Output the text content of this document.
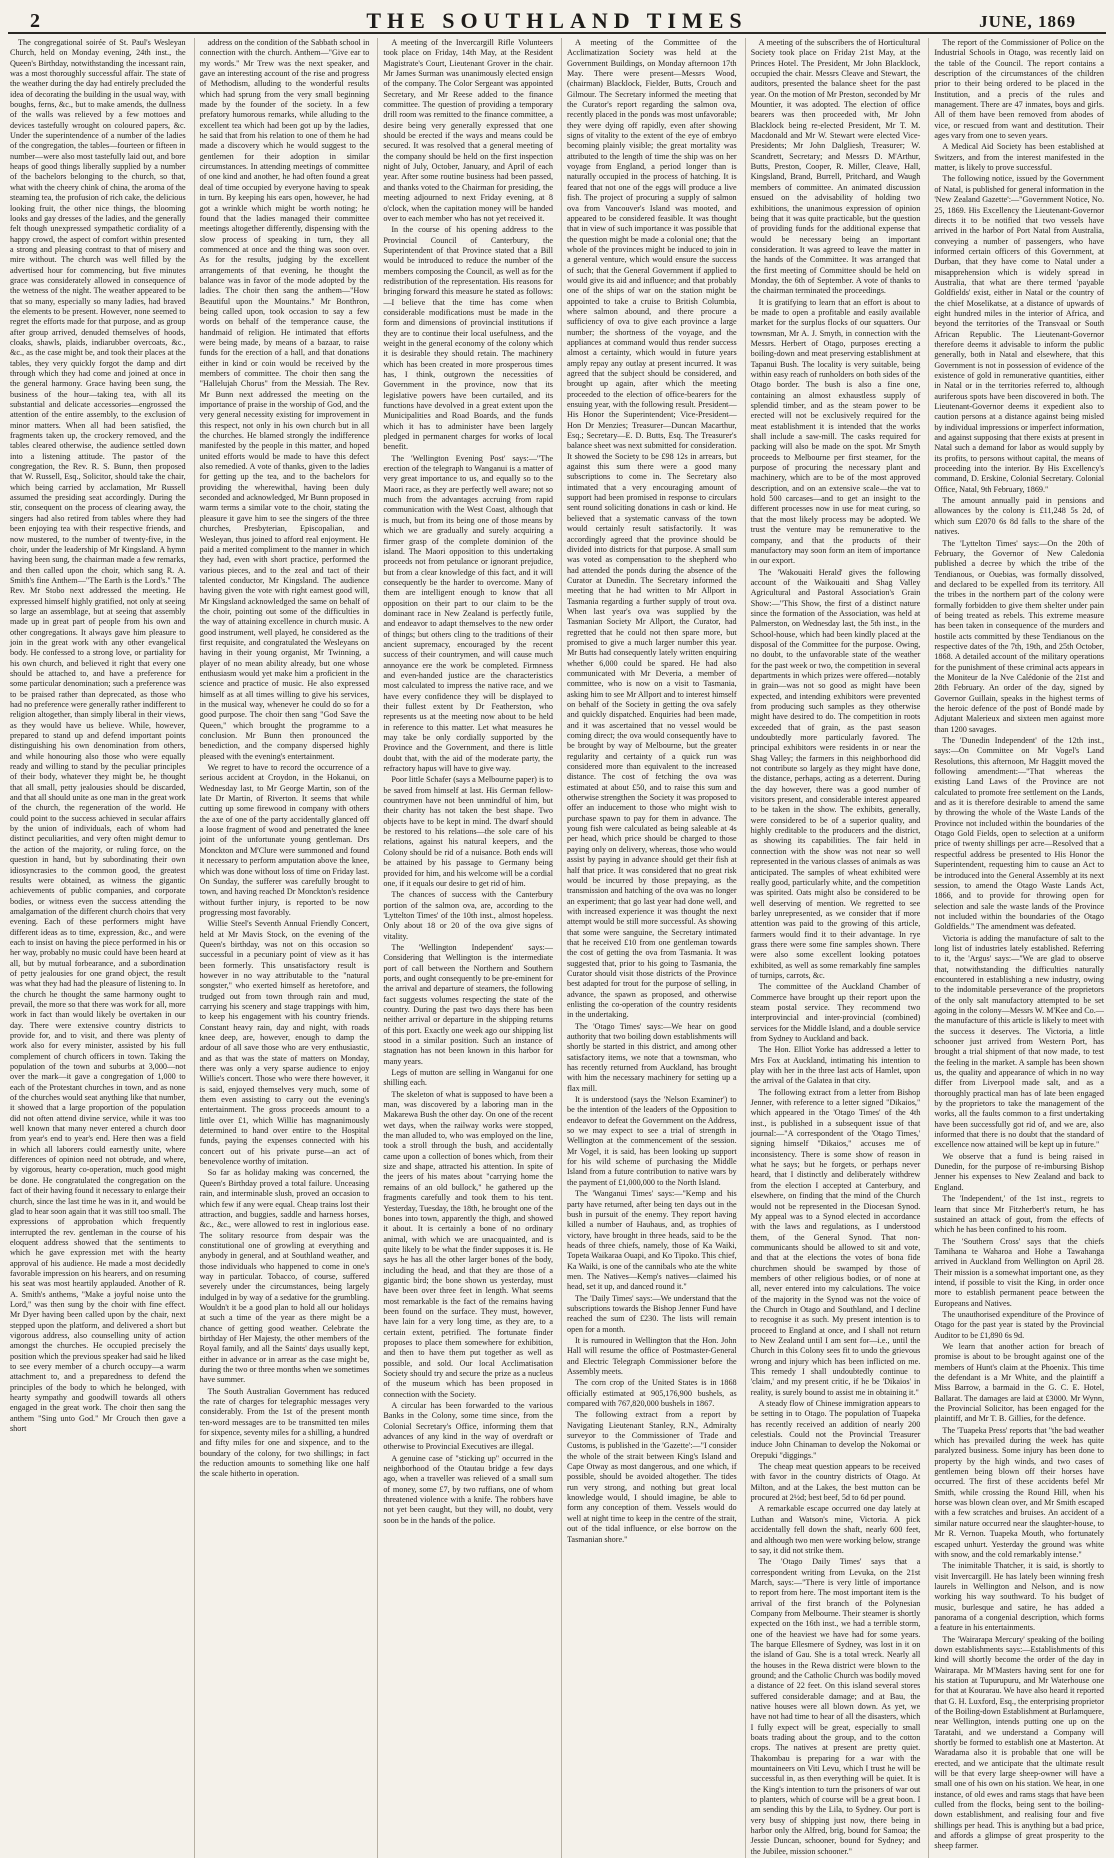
2	THE SOUTHLAND TIMES	JUNE, 1869

The congregational soirée of St. Paul's Wesleyan Church, held on Monday evening, 24th inst., the Queen's Birthday, notwithstanding the incessant rain, was a most thoroughly successful affair. The state of the weather during the day had entirely precluded the idea of decorating the building in the usual way, with boughs, ferns, &c., but to make amends, the dullness of the walls was relieved by a few mottoes and devices tastefully wrought on coloured papers, &c. Under the superintendence of a number of the ladies of the congregation, the tables—fourteen or fifteen in number—were also most tastefully laid out, and bore heaps of good things liberally supplied by a number of the bachelors belonging to the church, so that, what with the cheery chink of china, the aroma of the steaming tea, the profusion of rich cake, the delicious looking fruit, the other nice things, the blooming looks and gay dresses of the ladies, and the generally felt though unexpressed sympathetic cordiality of a happy crowd, the aspect of comfort within presented a strong and pleasing contrast to that of misery and mire without. The church was well filled by the advertised hour for commencing, but five minutes grace was considerately allowed in consequence of the wetness of the night. The weather appeared to be that so many, especially so many ladies, had braved the elements to be present. However, none seemed to regret the efforts made for that purpose, and as group after group arrived, denuded themselves of hoods, cloaks, shawls, plaids, indiarubber overcoats, &c., &c., as the case might be, and took their places at the tables, they very quickly forgot the damp and dirt through which they had come and joined at once in the general harmony. Grace having been sung, the business of the hour—taking tea, with all its substantial and delicate accessories—engrossed the attention of the entire assembly, to the exclusion of minor matters. When all had been satisfied, the fragments taken up, the crockery removed, and the tables cleared otherwise, the audience settled down into a listening attitude. The pastor of the congregation, the Rev. R. S. Bunn, then proposed that W. Russell, Esq., Solicitor, should take the chair, which being carried by acclamation, Mr Russell assumed the presiding seat accordingly. During the stir, consequent on the process of clearing away, the singers had also retired from tables where they had been enjoying tea with their respective friends, and now mustered, to the number of twenty-five, in the choir, under the leadership of Mr Kingsland. A hymn having been sung, the chairman made a few remarks, and then called upon the choir, which sang R. A. Smith's fine Anthem—"The Earth is the Lord's." The Rev. Mr Stobo next addressed the meeting. He expressed himself highly gratified, not only at seeing so large an assemblage, but at seeing that assembly made up in great part of people from his own and other congregations. It always gave him pleasure to join in the great work with any other evangelical body. He confessed to a strong love, or partiality for his own church, and believed it right that every one should be attached to, and have a preference for some particular denomination; such a preference was to be praised rather than deprecated, as those who had no preference were generally rather indifferent to religion altogether, than simply liberal in their views, as they would have us believe. While, however, prepared to stand up and defend important points distinguishing his own denomination from others, and while honouring also those who were equally ready and willing to stand by the peculiar principles of their body, whatever they might be, he thought that all small, petty jealousies should be discarded, and that all should unite as one man in the great work of the church, the regeneration of the world. He could point to the success achieved in secular affairs by the union of individuals, each of whom had distinct peculiarities, and very often might demur to the action of the majority, or ruling force, on the question in hand, but by subordinating their own idiosyncrasies to the common good, the greatest results were obtained, as witness the gigantic achievements of public companies, and corporate bodies, or witness even the success attending the amalgamation of the different church choirs that very evening. Each of these performers might have different ideas as to time, expression, &c., and were each to insist on having the piece performed in his or her way, probably no music could have been heard at all, but by mutual forbearance, and a subordination of petty jealousies for one grand object, the result was what they had had the pleasure of listening to. In the church he thought the same harmony ought to prevail, the more so that there was work for all, more work in fact than would likely be overtaken in our day. There were extensive country districts to provide for, and to visit, and there was plenty of work also for every minister, assisted by his full complement of church officers in town. Taking the population of the town and suburbs at 3,000—not over the mark—it gave a congregation of 1,000 to each of the Protestant churches in town, and as none of the churches would seat anything like that number, it showed that a large proportion of the population did not often attend divine service, while it was too well known that many never entered a church door from year's end to year's end. Here then was a field in which all laborers could earnestly unite, where differences of opinion need not obtrude, and where, by vigorous, hearty co-operation, much good might be done. He congratulated the congregation on the fact of their having found it necessary to enlarge their church, since the last time he was in it, and would be glad to hear soon again that it was still too small. The expressions of approbation which frequently interrupted the rev. gentleman in the course of his eloquent address showed that the sentiments to which he gave expression met with the hearty approval of his audience. He made a most decidedly favorable impression on his hearers, and on resuming his seat was most heartily applauded. Another of R. A. Smith's anthems, "Make a joyful noise unto the Lord," was then sung by the choir with fine effect. Mr Dyer having been called upon by the chair, next stepped upon the platform, and delivered a short but vigorous address, also counselling unity of action amongst the churches. He occupied precisely the position which the previous speaker had said he liked to see every member of a church occupy—a warm attachment to, and a preparedness to defend the principles of the body to which he belonged, with hearty sympathy and goodwill towards all others engaged in the great work. The choir then sang the anthem "Sing unto God." Mr Crouch then gave a short

address on the condition of the Sabbath school in connection with the church. Anthem—"Give ear to my words." Mr Trew was the next speaker, and gave an interesting account of the rise and progress of Methodism, alluding to the wonderful results which had sprung from the very small beginning made by the founder of the society. In a few prefatory humorous remarks, while alluding to the excellent tea which had been got up by the ladies, he said that from his relation to one of them he had made a discovery which he would suggest to the gentlemen for their adoption in similar circumstances. In attending meetings of committee of one kind and another, he had often found a great deal of time occupied by everyone having to speak in turn. By keeping his ears open, however, he had got a wrinkle which might be worth noting; he found that the ladies managed their committee meetings altogether differently, dispensing with the slow process of speaking in turn, they all commenced at once and the thing was soon over. As for the results, judging by the excellent arrangements of that evening, he thought the balance was in favor of the mode adopted by the ladies. The choir then sang the anthem—"How Beautiful upon the Mountains." Mr Bonthron, being called upon, took occasion to say a few words on behalf of the temperance cause, the handmaid of religion. He intimated that efforts were being made, by means of a bazaar, to raise funds for the erection of a hall, and that donations either in kind or coin would be received by the members of committee. The choir then sang the "Hallelujah Chorus" from the Messiah. The Rev. Mr Bunn next addressed the meeting on the importance of praise in the worship of God, and the very general necessity existing for improvement in this respect, not only in his own church but in all the churches. He blamed strongly the indifference manifested by the people in this matter, and hoped united efforts would be made to have this defect also remedied. A vote of thanks, given to the ladies for getting up the tea, and to the bachelors for providing the wherewithal, having been duly seconded and acknowledged, Mr Bunn proposed in warm terms a similar vote to the choir, stating the pleasure it gave him to see the singers of the three churches, Presbyterian, Episcopalian, and Wesleyan, thus joined to afford real enjoyment. He paid a merited compliment to the manner in which they had, even with short practice, performed the various pieces, and to the zeal and tact of their talented conductor, Mr Kingsland. The audience having given the vote with right earnest good will, Mr Kingsland acknowledged the same on behalf of the choir, pointing out some of the difficulties in the way of attaining excellence in church music. A good instrument, well played, he considered as the first requisite, and congratulated the Wesleyans on having in their young organist, Mr Twinning, a player of no mean ability already, but one whose enthusiasm would yet make him a proficient in the science and practice of music. He also expressed himself as at all times willing to give his services, in the musical way, whenever he could do so for a good purpose. The choir then sang "God Save the Queen," which brought the programme to a conclusion. Mr Bunn then pronounced the benediction, and the company dispersed highly pleased with the evening's entertainment.

We regret to have to record the occurrence of a serious accident at Croydon, in the Hokanui, on Wednesday last, to Mr George Martin, son of the late Dr Martin, of Riverton. It seems that while cutting up some firewood in company with others the axe of one of the party accidentally glanced off a loose fragment of wood and penetrated the knee joint of the unfortunate young gentleman. Drs Monckton and M'Clure were summoned and found it necessary to perform amputation above the knee, which was done without loss of time on Friday last. On Sunday, the sufferer was carefully brought to town, and having reached Dr Monckton's residence without further injury, is reported to be now progressing most favorably.

Willie Steel's Seventh Annual Friendly Concert, held at Mr Mavis Stock, on the evening of the Queen's birthday, was not on this occasion so successful in a pecuniary point of view as it has been formerly. This unsatisfactory result is however in no way attributable to the "natural songster," who exerted himself as heretofore, and trudged out from town through rain and mud, carrying his scenery and stage trappings with him, to keep his engagement with his country friends. Constant heavy rain, day and night, with roads knee deep, are, however, enough to damp the ardour of all save those who are very enthusiastic, and as that was the state of matters on Monday, there was only a very sparse audience to enjoy Willie's concert. Those who were there however, it is said, enjoyed themselves very much, some of them even assisting to carry out the evening's entertainment. The gross proceeds amount to a little over £1, which Willie has magnanimously determined to hand over entire to the Hospital funds, paying the expenses connected with his concert out of his private purse—an act of benevolence worthy of imitation.

So far as holiday making was concerned, the Queen's Birthday proved a total failure. Unceasing rain, and interminable slush, proved an occasion to which few if any were equal. Cheap trains lost their attraction, and buggies, saddle and harness horses, &c., &c., were allowed to rest in inglorious ease. The solitary resource from despair was the constitutional one of growling at everything and anybody in general, and at Southland weather, and those individuals who happened to come in one's way in particular. Tobacco, of course, suffered severely under the circumstances, being largely indulged in by way of a sedative for the grumbling. Wouldn't it be a good plan to hold all our holidays at such a time of the year as there might be a chance of getting good weather. Celebrate the birthday of Her Majesty, the other members of the Royal family, and all the Saints' days usually kept, either in advance or in arrear as the case might be, during the two or three months when we sometimes have summer.

The South Australian Government has reduced the rate of charges for telegraphic messages very considerably. From the 1st of the present month ten-word messages are to be transmitted ten miles for sixpence, seventy miles for a shilling, a hundred and fifty miles for one and sixpence, and to the boundary of the colony, for two shillings; in fact the reduction amounts to something like one half the scale hitherto in operation.

A meeting of the Invercargill Rifle Volunteers took place on Friday, 14th May, at the Resident Magistrate's Court, Lieutenant Grover in the chair. Mr James Surman was unanimously elected ensign of the company. The Color Sergeant was appointed Secretary, and Mr Reese added to the finance committee. The question of providing a temporary drill room was remitted to the finance committee, a desire being very generally expressed that one should be erected if the ways and means could be secured. It was resolved that a general meeting of the company should be held on the first inspection night of July, October, January, and April of each year. After some routine business had been passed, and thanks voted to the Chairman for presiding, the meeting adjourned to next Friday evening, at 8 o'clock, when the capitation money will be handed over to each member who has not yet received it.

In the course of his opening address to the Provincial Council of Canterbury, the Superintendent of that Province stated that a Bill would be introduced to reduce the number of the members composing the Council, as well as for the redistribution of the representation. His reasons for bringing forward this measure he stated as follows:—I believe that the time has come when considerable modifications must be made in the form and dimensions of provincial institutions if they are to continue their local usefulness, and the weight in the general economy of the colony which it is desirable they should retain. The machinery which has been created in more prosperous times has, I think, outgrown the necessities of Government in the province, now that its legislative powers have been curtailed, and its functions have devolved in a great extent upon the Municipalities and Road Boards, and the funds which it has to administer have been largely pledged in permanent charges for works of local benefit.

The 'Wellington Evening Post' says:—"The erection of the telegraph to Wanganui is a matter of very great importance to us, and equally so to the Maori race, as they are perfectly well aware; not so much from the advantages accruing from rapid communication with the West Coast, although that is much, but from its being one of those means by which we are gradually and surely acquiring a firmer grasp of the complete dominion of the island. The Maori opposition to this undertaking proceeds not from petulance or ignorant prejudice, but from a clear knowledge of this fact, and it will consequently be the harder to overcome. Many of them are intelligent enough to know that all opposition on their part to our claim to be the dominant race in New Zealand is perfectly futile, and endeavor to adapt themselves to the new order of things; but others cling to the traditions of their ancient supremacy, encouraged by the recent success of their countrymen, and will cause much annoyance ere the work be completed. Firmness and even-handed justice are the characteristics most calculated to impress the native race, and we have every confidence they will be displayed to their fullest extent by Dr Featherston, who represents us at the meeting now about to be held in reference to this matter. Let what measures he may take be only cordially supported by the Province and the Government, and there is little doubt that, with the aid of the moderate party, the refractory hapus will have to give way.

Poor little Schafer (says a Melbourne paper) is to be saved from himself at last. His German fellow-countrymen have not been unmindful of him, but their charity has not taken the best shape. Two objects have to be kept in mind. The dwarf should be restored to his relations—the sole care of his relations, against his natural keepers, and the Colony should be rid of a nuisance. Both ends will be attained by his passage to Germany being provided for him, and his welcome will be a cordial one, if it equals our desire to get rid of him.

The chances of success with the Canterbury portion of the salmon ova, are, according to the 'Lyttelton Times' of the 10th inst., almost hopeless. Only about 18 or 20 of the ova give signs of vitality.

The 'Wellington Independent' says:—Considering that Wellington is the intermediate port of call between the Northern and Southern ports, and ought consequently to be pre-eminent for the arrival and departure of steamers, the following fact suggests volumes respecting the state of the country. During the past two days there has been neither arrival or departure in the shipping returns of this port. Exactly one week ago our shipping list stood in a similar position. Such an instance of stagnation has not been known in this harbor for many years.

Legs of mutton are selling in Wanganui for one shilling each.

The skeleton of what is supposed to have been a man, was discovered by a laboring man in the Makarewa Bush the other day. On one of the recent wet days, when the railway works were stopped, the man alluded to, who was employed on the line, took a stroll through the bush, and accidentally came upon a collection of bones which, from their size and shape, attracted his attention. In spite of the jeers of his mates about "carrying home the remains of an old bullock," he gathered up the fragments carefully and took them to his tent. Yesterday, Tuesday, the 18th, he brought one of the bones into town, apparently the thigh, and showed it about. It is certainly a bone of no ordinary animal, with which we are unacquainted, and is quite likely to be what the finder supposes it is. He says he has all the other larger bones of the body, including the head, and that they are those of a gigantic bird; the bone shown us yesterday, must have been over three feet in length. What seems most remarkable is the fact of the remains having been found on the surface. They must, however, have lain for a very long time, as they are, to a certain extent, petrified. The fortunate finder proposes to place them somewhere for exhibition, and then to have them put together as well as possible, and sold. Our local Acclimatisation Society should try and secure the prize as a nucleus of the museum which has been proposed in connection with the Society.

A circular has been forwarded to the various Banks in the Colony, some time since, from the Colonial Secretary's Office, informing them that advances of any kind in the way of overdraft or otherwise to Provincial Executives are illegal.

A genuine case of "sticking up" occurred in the neighborhood of the Otautau bridge a few days ago, when a traveller was relieved of a small sum of money, some £7, by two ruffians, one of whom threatened violence with a knife. The robbers have not yet been caught, but they will, no doubt, very soon be in the hands of the police.

A meeting of the Committee of the Acclimatization Society was held at the Government Buildings, on Monday afternoon 17th May. There were present—Messrs Wood, (chairman) Blacklock, Fielder, Butts, Crouch and Gilmour. The Secretary informed the meeting that the Curator's report regarding the salmon ova, recently placed in the ponds was most unfavorable; they were dying off rapidly, even after showing signs of vitality to the extent of the eye of embryo becoming plainly visible; the great mortality was attributed to the length of time the ship was on her voyage from England, a period longer than is naturally occupied in the process of hatching. It is feared that not one of the eggs will produce a live fish. The project of procuring a supply of salmon ova from Vancouver's Island was mooted, and appeared to be considered feasible. It was thought that in view of such importance it was possible that the question might be made a colonial one; that the whole of the provinces might be induced to join in a general venture, which would ensure the success of such; that the General Government if applied to would give its aid and influence; and that probably one of the ships of war on the station might be appointed to take a cruise to British Columbia, where salmon abound, and there procure a sufficiency of ova to give each province a large number; the shortness of the voyage, and the appliances at command would thus render success almost a certainty, which would in future years amply repay any outlay at present incurred. It was agreed that the subject should be considered, and brought up again, after which the meeting proceeded to the election of office-bearers for the ensuing year, with the following result. President—His Honor the Superintendent; Vice-President—Hon Dr Menzies; Treasurer—Duncan Macarthur, Esq.; Secretary—E. D. Butts, Esq. The Treasurer's balance sheet was next submitted for consideration. It showed the Society to be £98 12s in arrears, but against this sum there were a good many subscriptions to come in. The Secretary also intimated that a very encouraging amount of support had been promised in response to circulars sent round soliciting donations in cash or kind. He believed that a systematic canvass of the town would certainly result satisfactorily. It was accordingly agreed that the province should be divided into districts for that purpose. A small sum was voted as compensation to the shepherd who had attended the ponds during the absence of the Curator at Dunedin. The Secretary informed the meeting that he had written to Mr Allport in Tasmania regarding a further supply of trout ova. When last year's ova was supplied by the Tasmanian Society Mr Allport, the Curator, had regretted that he could not then spare more, but promised to give a much larger number this year. Mr Butts had consequently lately written enquiring whether 6,000 could be spared. He had also communicated with Mr Deveria, a member of committee, who is now on a visit to Tasmania, asking him to see Mr Allport and to interest himself on behalf of the Society in getting the ova safely and quickly dispatched. Enquiries had been made, and it was ascertained that no vessel would be coming direct; the ova would consequently have to be brought by way of Melbourne, but the greater regularity and certainty of a quick run was considered more than equivalent to the increased distance. The cost of fetching the ova was estimated at about £50, and to raise this sum and otherwise strengthen the Society it was proposed to offer an inducement to those who might wish to purchase spawn to pay for them in advance. The young fish were calculated as being saleable at 4s per head, which price should be charged to those paying only on delivery, whereas, those who would assist by paying in advance should get their fish at half that price. It was considered that no great risk would be incurred by those prepaying, as the transmission and hatching of the ova was no longer an experiment; that go last year had done well, and with increased experience it was thought the next attempt would be still more successful. As showing that some were sanguine, the Secretary intimated that he received £10 from one gentleman towards the cost of getting the ova from Tasmania. It was suggested that, prior to his going to Tasmania, the Curator should visit those districts of the Province best adapted for trout for the purpose of selling, in advance, the spawn as proposed, and otherwise enlisting the co-operation of the country residents in the undertaking.

The 'Otago Times' says:—We hear on good authority that two boiling down establishments will shortly be started in this district, and among other satisfactory items, we note that a townsman, who has recently returned from Auckland, has brought with him the necessary machinery for setting up a flax mill.

It is understood (says the 'Nelson Examiner') to be the intention of the leaders of the Opposition to endeavor to defeat the Government on the Address, so we may expect to see a trial of strength in Wellington at the commencement of the session. Mr Vogel, it is said, has been looking up support for his wild scheme of purchasing the Middle Island from a future contribution to native wars by the payment of £1,000,000 to the North Island.

The 'Wanganui Times' says:—"Kemp and his party have returned, after being ten days out in the bush in pursuit of the enemy. They report having killed a number of Hauhaus, and, as trophies of victory, have brought in three heads, said to be the heads of three chiefs, namely, those of Ka Waiki, Topeta Waikaraa Ouapi, and Ko Tipoko. This chief, Ka Waiki, is one of the cannibals who ate the white men. The Natives—Kemp's natives—claimed his head, set it up, and danced round it."

The 'Daily Times' says:—We understand that the subscriptions towards the Bishop Jenner Fund have reached the sum of £230. The lists will remain open for a month.

It is rumoured in Wellington that the Hon. John Hall will resume the office of Postmaster-General and Electric Telegraph Commissioner before the Assembly meets.

The corn crop of the United States is in 1868 officially estimated at 905,176,900 bushels, as compared with 767,820,000 bushels in 1867.

The following extract from a report by Navigating Lieutenant Stanley, R.N., Admiralty surveyor to the Commissioner of Trade and Customs, is published in the 'Gazette':—"I consider the whole of the strait between King's Island and Cape Otway as most dangerous, and one which, if possible, should be avoided altogether. The tides run very strong, and nothing but great local knowledge would, I should imagine, be able to form any conception of them. Vessels would do well at night time to keep in the centre of the strait, out of the tidal influence, or else borrow on the Tasmanian shore."

A meeting of the subscribers the of Horticultural Society took place on Friday 21st May, at the Princes Hotel. The President, Mr John Blacklock, occupied the chair. Messrs Cleave and Stewart, the auditors, presented the balance sheet for the past year. On the motion of Mr Preston, seconded by Mr Mountier, it was adopted. The election of office bearers was then proceeded with, Mr John Blacklock being re-elected President, Mr T. M. Macdonald and Mr W. Stewart were elected Vice-Presidents; Mr John Dalgliesh, Treasurer; W. Scandrett, Secretary; and Messrs D. M'Arthur, Butts, Preston, Cooper, R. Miller, Cleave, Hall, Kingsland, Brand, Burrell, Pritchard, and Waugh members of committee. An animated discussion ensued on the advisability of holding two exhibitions, the unanimous expression of opinion being that it was quite practicable, but the question of providing funds for the additional expense that would be necessary being an important consideration. It was agreed to leave the matter in the hands of the Committee. It was arranged that the first meeting of Committee should be held on Monday, the 6th of September. A vote of thanks to the chairman terminated the proceedings.

It is gratifying to learn that an effort is about to be made to open a profitable and easily available market for the surplus flocks of our squatters. Our townsman, Mr A. J. Smyth, in connection with the Messrs. Herbert of Otago, purposes erecting a boiling-down and meat preserving establishment at Tapanui Bush. The locality is very suitable, being within easy reach of runholders on both sides of the Otago border. The bush is also a fine one, containing an almost exhaustless supply of splendid timber, and as the steam power to be erected will not be exclusively required for the meat establishment it is intended that the works shall include a saw-mill. The casks required for packing will also be made on the spot. Mr Smyth proceeds to Melbourne per first steamer, for the purpose of procuring the necessary plant and machinery, which are to be of the most approved description, and on an extensive scale—the vat to hold 500 carcases—and to get an insight to the different processes now in use for meat curing, so that the most likely process may be adopted. We trust the venture may be remunerative to the company, and that the products of their manufactory may soon form an item of importance in our export.

The 'Wakouaiti Herald' gives the following account of the Waikouaiti and Shag Valley Agricultural and Pastoral Association's Grain Show:—"This Show, the first of a distinct nature since the formation of the Association, was held at Palmerston, on Wednesday last, the 5th inst., in the School-house, which had been kindly placed at the disposal of the Committee for the purpose. Owing, no doubt, to the unfavorable state of the weather for the past week or two, the competition in several departments in which prizes were offered—notably in grain—was not so good as might have been expected, and intending exhibitors were prevented from producing such samples as they otherwise might have desired to do. The competition in roots exceeded that of grain, as the past season undoubtedly more particularly favored. The principal exhibitors were residents in or near the Shag Valley; the farmers in this neighborhood did not contribute so largely as they might have done, the distance, perhaps, acting as a deterrent. During the day however, there was a good number of visitors present, and considerable interest appeared to be taken in the show. The exhibits, generally, were considered to be of a superior quality, and highly creditable to the producers and the district, as showing its capabilities. The fair held in connection with the show was not near so well represented in the various classes of animals as was anticipated. The samples of wheat exhibited were really good, particularly white, and the competition was spirited. Oats might also be considered to be well deserving of mention. We regretted to see barley unrepresented, as we consider that if more attention was paid to the growing of this article, farmers would find it to their advantage. In rye grass there were some fine samples shown. There were also some excellent looking potatoes exhibited, as well as some remarkably fine samples of turnips, carrots, &c.

The committee of the Auckland Chamber of Commerce have brought up their report upon the steam postal service. They recommend two interprovincial and inter-provincial (combined) services for the Middle Island, and a double service from Sydney to Auckland and back.

The Hon. Elliot Yorke has addressed a letter to Mrs Fox at Auckland, intimating his intention to play with her in the three last acts of Hamlet, upon the arrival of the Galatea in that city.

The following extract from a letter from Bishop Jenner, with reference to a letter signed "Dikaios," which appeared in the 'Otago Times' of the 4th inst., is published in a subsequent issue of that journal:—"A correspondent of the 'Otago Times,' signing himself "Dikaios," accuses me of inconsistency. There is some show of reason in what he says; but he forgets, or perhaps never heard, that I distinctly and deliberately withdrew from the election I accepted at Canterbury, and elsewhere, on finding that the mind of the Church would not be represented in the Diocesan Synod. My appeal was to a Synod elected in accordance with the laws and regulations, as I understood them, of the General Synod. That non-communicants should be allowed to sit and vote, and that at the elections the votes of bona fide churchmen should be swamped by those of members of other religious bodies, or of none at all, never entered into my calculations. The voice of the majority in the Synod was not the voice of the Church in Otago and Southland, and I decline to recognise it as such. My present intention is to proceed to England at once, and I shall not return to New Zealand until I am sent for—i.e., until the Church in this Colony sees fit to undo the grievous wrong and injury which has been inflicted on me. This remedy I shall undoubtedly continue to 'claim,' and my present critic, if he be 'Dikaios' in reality, is surely bound to assist me in obtaining it."

A steady flow of Chinese immigration appears to be setting in to Otago. The population of Tuapeka has recently received an addition of nearly 200 celestials. Could not the Provincial Treasurer induce John Chinaman to develop the Nokomai or Orepuki "diggings."

The cheap meat question appears to be received with favor in the country districts of Otago. At Milton, and at the Lakes, the best mutton can be procured at 2½d; best beef, 5d to 6d per pound.

A remarkable escape occurred one day lately at Luthan and Watson's mine, Victoria. A pick accidentally fell down the shaft, nearly 600 feet, and although two men were working below, strange to say, it did not strike them.

The 'Otago Daily Times' says that a correspondent writing from Levuka, on the 21st March, says:—"There is very little of importance to report from here. The most important item is the arrival of the first branch of the Polynesian Company from Melbourne. Their steamer is shortly expected on the 16th inst., we had a terrible storm, one of the heaviest we have had for some years. The barque Ellesmere of Sydney, was lost in it on the island of Gau. She is a total wreck. Nearly all the houses in the Rewa district were blown to the ground; and the Catholic Church was bodily moved a distance of 22 feet. On this island several stores suffered considerable damage; and at Bau, the native houses were all blown down. As yet, we have not had time to hear of all the disasters, which I fully expect will be great, especially to small boats trading about the group, and to the cotton crops. The natives at present are pretty quiet. Thakombau is preparing for a war with the mountaineers on Viti Levu, which I trust he will be successful in, as then everything will be quiet. It is the King's intention to turn the prisoners of war out to planters, which of course will be a great boon. I am sending this by the Lila, to Sydney. Our port is very busy of shipping just now, there being in harbor only the Alfred, brig, bound for Samoa; the Jessie Duncan, schooner, bound for Sydney; and the Jubilee, mission schooner."

The report of the Commissioner of Police on the Industrial Schools in Otago, was recently laid on the table of the Council. The report contains a description of the circumstances of the children prior to their being ordered to be placed in the Institution, and a precis of the rules and management. There are 47 inmates, boys and girls. All of them have been removed from abodes of vice, or rescued from want and destitution. Their ages vary from one to seven years.

A Medical Aid Society has been established at Switzers, and from the interest manifested in the matter, is likely to prove successful.

The following notice, issued by the Government of Natal, is published for general information in the 'New Zealand Gazette':—"Government Notice, No. 25, 1869. His Excellency the Lieutenant-Governor directs it to be notified that two vessels have arrived in the harbor of Port Natal from Australia, conveying a number of passengers, who have informed certain officers of this Government, at Durban, that they have come to Natal under a misapprehension which is widely spread in Australia, that what are there termed 'payable Goldfields' exist, either in Natal or the country of the chief Moselikatse, at a distance of upwards of eight hundred miles in the interior of Africa, and beyond the territories of the Transvaal or South African Republic. The Lieutenant-Governor therefore deems it advisable to inform the public generally, both in Natal and elsewhere, that this Government is not in possession of evidence of the existence of gold in remunerative quantities, either in Natal or in the territories referred to, although auriferous spots have been discovered in both. The Lieutenant-Governor deems it expedient also to caution persons at a distance against being misled by individual impressions or imperfect information, and against supposing that there exists at present in Natal such a demand for labor as would supply by its profits, to persons without capital, the means of proceeding into the interior. By His Excellency's command, D. Erskine, Colonial Secretary. Colonial Office, Natal, 9th February, 1869."

The amount annually paid in pensions and allowances by the colony is £11,248 5s 2d, of which sum £2070 6s 8d falls to the share of the natives.

The 'Lyttelton Times' says:—On the 20th of February, the Governor of New Caledonia published a decree by which the tribe of the Tendianous, or Ouebias, was formally dissolved, and declared to be expelled from its territory. All the tribes in the northern part of the colony were formally forbidden to give them shelter under pain of being treated as rebels. This extreme measure has been taken in consequence of the murders and hostile acts committed by these Tendianous on the respective dates of the 7th, 19th, and 25th October, 1868. A detailed account of the military operations for the punishment of these criminal acts appears in the Moniteur de la Nve Calédonie of the 21st and 28th February. An order of the day, signed by Governor Guillain, speaks in the highest terms of the heroic defence of the post of Bondé made by Adjutant Malerieux and sixteen men against more than 1200 savages.

The 'Dunedin Independent' of the 12th inst., says:—On Committee on Mr Vogel's Land Resolutions, this afternoon, Mr Haggitt moved the following amendment:—"That whereas the existing Land Laws of the Province are not calculated to promote free settlement on the Lands, and as it is therefore desirable to amend the same by throwing the whole of the Waste Lands of the Province not included within the boundaries of the Otago Gold Fields, open to selection at a uniform price of twenty shillings per acre—Resolved that a respectful address be presented to His Honor the Superintendent, requesting him to cause an Act to be introduced into the General Assembly at its next session, to amend the Otago Waste Lands Act, 1866, and to provide for throwing open for selection and sale the waste lands of the Province not included within the boundaries of the Otago Goldfields." The amendment was defeated.

Victoria is adding the manufacture of salt to the long list of industries lately established. Referring to it, the 'Argus' says:—"We are glad to observe that, notwithstanding the difficulties naturally encountered in establishing a new industry, owing to the indomitable perseverance of the proprietors of the only salt manufactory attempted to be set agoing in the colony—Messrs W. M'Kee and Co.—the manufacture of this article is likely to meet with the success it deserves. The Victoria, a little schooner just arrived from Western Port, has brought a trial shipment of that now made, to test the feeling in the market. A sample has been shown us, the quality and appearance of which in no way differ from Liverpool made salt, and as a thoroughly practical man has of late been engaged by the proprietors to take the management of the works, all the faults common to a first undertaking have been successfully got rid of, and we are, also informed that there is no doubt that the standard of excellence now attained will be kept up in future."

We observe that a fund is being raised in Dunedin, for the purpose of re-imbursing Bishop Jenner his expenses to New Zealand and back to England.

The 'Independent,' of the 1st inst., regrets to learn that since Mr Fitzherbert's return, he has sustained an attack of gout, from the effects of which he has been confined to his room.

The 'Southern Cross' says that the chiefs Tamihana te Waharoa and Hohe a Tawahanga arrived in Auckland from Wellington on April 28. Their mission is a somewhat important one, as they intend, if possible to visit the King, in order once more to establish permanent peace between the Europeans and Natives.

The unauthorised expenditure of the Province of Otago for the past year is stated by the Provincial Auditor to be £1,890 6s 9d.

We learn that another action for breach of promise is about to be brought against one of the members of Hunt's claim at the Phoenix. This time the defendant is a Mr White, and the plaintiff a Miss Barrow, a barmaid in the G. C. E. Hotel, Ballarat. The damages are laid at £3000. Mr Wynn, the Provincial Solicitor, has been engaged for the plaintiff, and Mr T. B. Gillies, for the defence.

The 'Tuapeka Press' reports that "the bad weather which has prevailed during the week has quite paralyzed business. Some injury has been done to property by the high winds, and two cases of gentlemen being blown off their horses have occurred. The first of these accidents befel Mr Smith, while crossing the Round Hill, when his horse was blown clean over, and Mr Smith escaped with a few scratches and bruises. An accident of a similar nature occurred near the slaughter-house, to Mr R. Vernon. Tuapeka Mouth, who fortunately escaped unhurt. Yesterday the ground was white with snow, and the cold remarkably intense."

The inimitable Thatcher, it is said, is shortly to visit Invercargill. He has lately been winning fresh laurels in Wellington and Nelson, and is now working his way southward. To his budget of music, burlesque and satire, he has added a panorama of a congenial description, which forms a feature in his entertainments.

The 'Wairarapa Mercury' speaking of the boiling down establishments says:—Establishments of this kind will shortly become the order of the day in Wairarapa. Mr M'Masters having sent for one for his station at Tupurupuru, and Mr Waterhouse one for that at Kourarau. We have also heard it reported that G. H. Luxford, Esq., the enterprising proprietor of the Boiling-down Establishment at Burlamquere, near Wellington, intends putting one up on the Taratahi, and we understand a Company will shortly be formed to establish one at Masterton. At Waradama also it is probable that one will be erected, and we anticipate that the ultimate result will be that every large sheep-owner will have a small one of his own on his station. We hear, in one instance, of old ewes and rams stags that have been culled from the flocks, being sent to the boiling-down establishment, and realising four and five shillings per head. This is anything but a bad price, and affords a glimpse of great prosperity to the sheep farmer.
